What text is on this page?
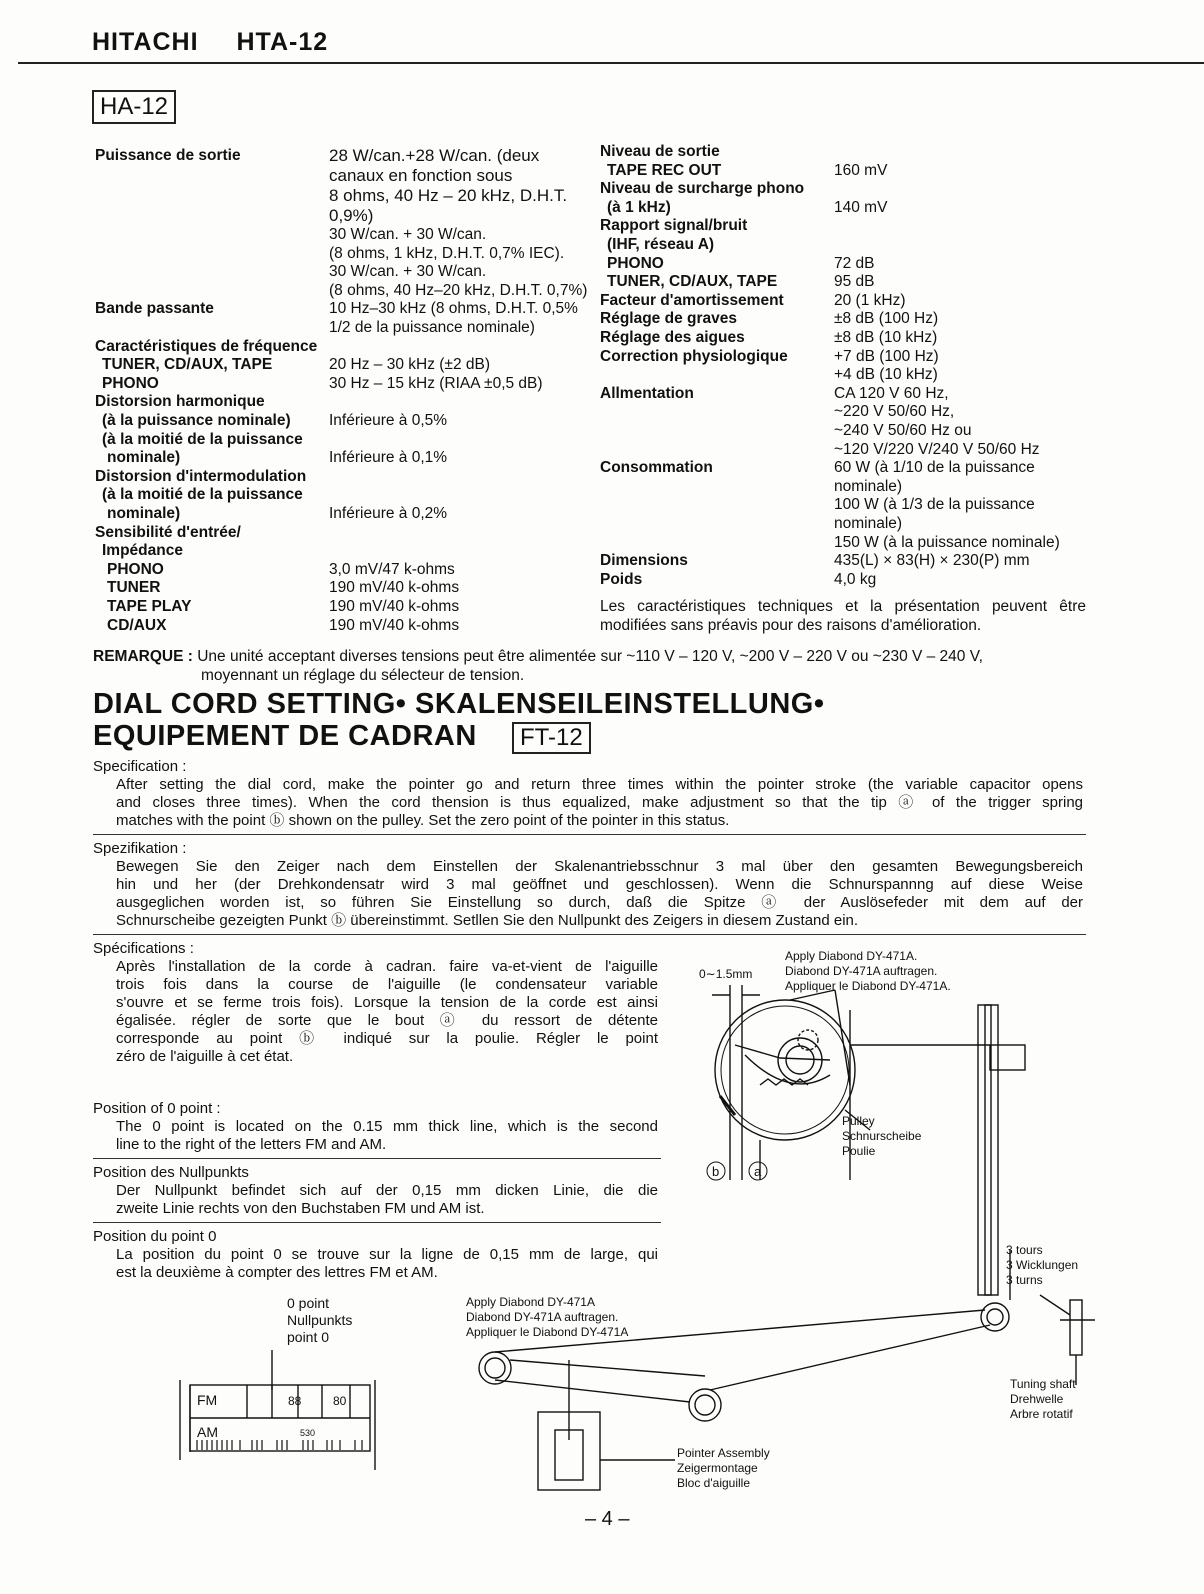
HITACHI HTA-12
HA-12
Puissance de sortie	28 W/can.+28 W/can. (deux
canaux en fonction sous
8 ohms, 40 Hz – 20 kHz, D.H.T.
0,9%)
30 W/can. + 30 W/can.
(8 ohms, 1 kHz, D.H.T. 0,7% IEC).
30 W/can. + 30 W/can.
(8 ohms, 40 Hz–20 kHz, D.H.T. 0,7%)
Bande passante	10 Hz–30 kHz (8 ohms, D.H.T. 0,5%
1/2 de la puissance nominale)
Caractéristiques de fréquence
TUNER, CD/AUX, TAPE	20 Hz – 30 kHz (±2 dB)
PHONO	30 Hz – 15 kHz (RIAA ±0,5 dB)
Distorsion harmonique
(à la puissance nominale) Inférieure à 0,5%
(à la moitié de la puissance
nominale)	Inférieure à 0,1%
Distorsion d'intermodulation
(à la moitié de la puissance
nominale)	Inférieure à 0,2%
Sensibilité d'entrée/
Impédance
PHONO	3,0 mV/47 k-ohms
TUNER	190 mV/40 k-ohms
TAPE PLAY	190 mV/40 k-ohms
CD/AUX	190 mV/40 k-ohms
Niveau de sortie
TAPE REC OUT	160 mV
Niveau de surcharge phono
(à 1 kHz)	140 mV
Rapport signal/bruit
(IHF, réseau A)
PHONO	72 dB
TUNER, CD/AUX, TAPE	95 dB
Facteur d'amortissement	20 (1 kHz)
Réglage de graves	±8 dB (100 Hz)
Réglage des aigues	±8 dB (10 kHz)
Correction physiologique	+7 dB (100 Hz)
+4 dB (10 kHz)
Allmentation	CA 120 V 60 Hz,
~220 V 50/60 Hz,
~240 V 50/60 Hz ou
~120 V/220 V/240 V 50/60 Hz
Consommation	60 W (à 1/10 de la puissance
nominale)
100 W (à 1/3 de la puissance
nominale)
150 W (à la puissance nominale)
Dimensions	435(L) × 83(H) × 230(P) mm
Poids	4,0 kg
Les caractéristiques techniques et la présentation peuvent être
modifiées sans préavis pour des raisons d'amélioration.
REMARQUE : Une unité acceptant diverses tensions peut être alimentée sur ~110 V – 120 V, ~200 V – 220 V ou ~230 V – 240 V,
moyennant un réglage du sélecteur de tension.
DIAL CORD SETTING• SKALENSEILEINSTELLUNG•
EQUIPEMENT DE CADRAN	FT-12
Specification :
After setting the dial cord, make the pointer go and return three times within the pointer stroke (the variable capacitor opens
and closes three times). When the cord thension is thus equalized, make adjustment so that the tip ⓐ of the trigger spring
matches with the point ⓑ shown on the pulley. Set the zero point of the pointer in this status.
Spezifikation :
Bewegen Sie den Zeiger nach dem Einstellen der Skalenantriebsschnur 3 mal über den gesamten Bewegungsbereich
hin und her (der Drehkondensatr wird 3 mal geöffnet und geschlossen). Wenn die Schnurspannng auf diese Weise
ausgeglichen worden ist, so führen Sie Einstellung so durch, daß die Spitze ⓐ der Auslösefeder mit dem auf der
Schnurscheibe gezeigten Punkt ⓑ übereinstimmt. Setllen Sie den Nullpunkt des Zeigers in diesem Zustand ein.
Spécifications :
Après l'installation de la corde à cadran. faire va-et-vient de l'aiguille
trois fois dans la course de l'aiguille (le condensateur variable
s'ouvre et se ferme trois fois). Lorsque la tension de la corde est ainsi
égalisée. régler de sorte que le bout ⓐ du ressort de détente
corresponde au point ⓑ indiqué sur la poulie. Régler le point
zéro de l'aiguille à cet état.
Position of 0 point :
The 0 point is located on the 0.15 mm thick line, which is the second
line to the right of the letters FM and AM.
Position des Nullpunkts
Der Nullpunkt befindet sich auf der 0,15 mm dicken Linie, die die
zweite Linie rechts von den Buchstaben FM und AM ist.
Position du point 0
La position du point 0 se trouve sur la ligne de 0,15 mm de large, qui
est la deuxième à compter des lettres FM et AM.
0∼1.5mm
Apply Diabond DY-471A.
Diabond DY-471A auftragen.
Appliquer le Diabond DY-471A.
Pulley
Schnurscheibe
Poulie
3 tours
3 Wicklungen
3 turns
Apply Diabond DY-471A
Diabond DY-471A auftragen.
Appliquer le Diabond DY-471A
Tuning shaft
Drehwelle
Arbre rotatif
Pointer Assembly
Zeigermontage
Bloc d'aiguille
0 point
Nullpunkts
point 0
FM
AM
88	80
530
b	a
– 4 –
